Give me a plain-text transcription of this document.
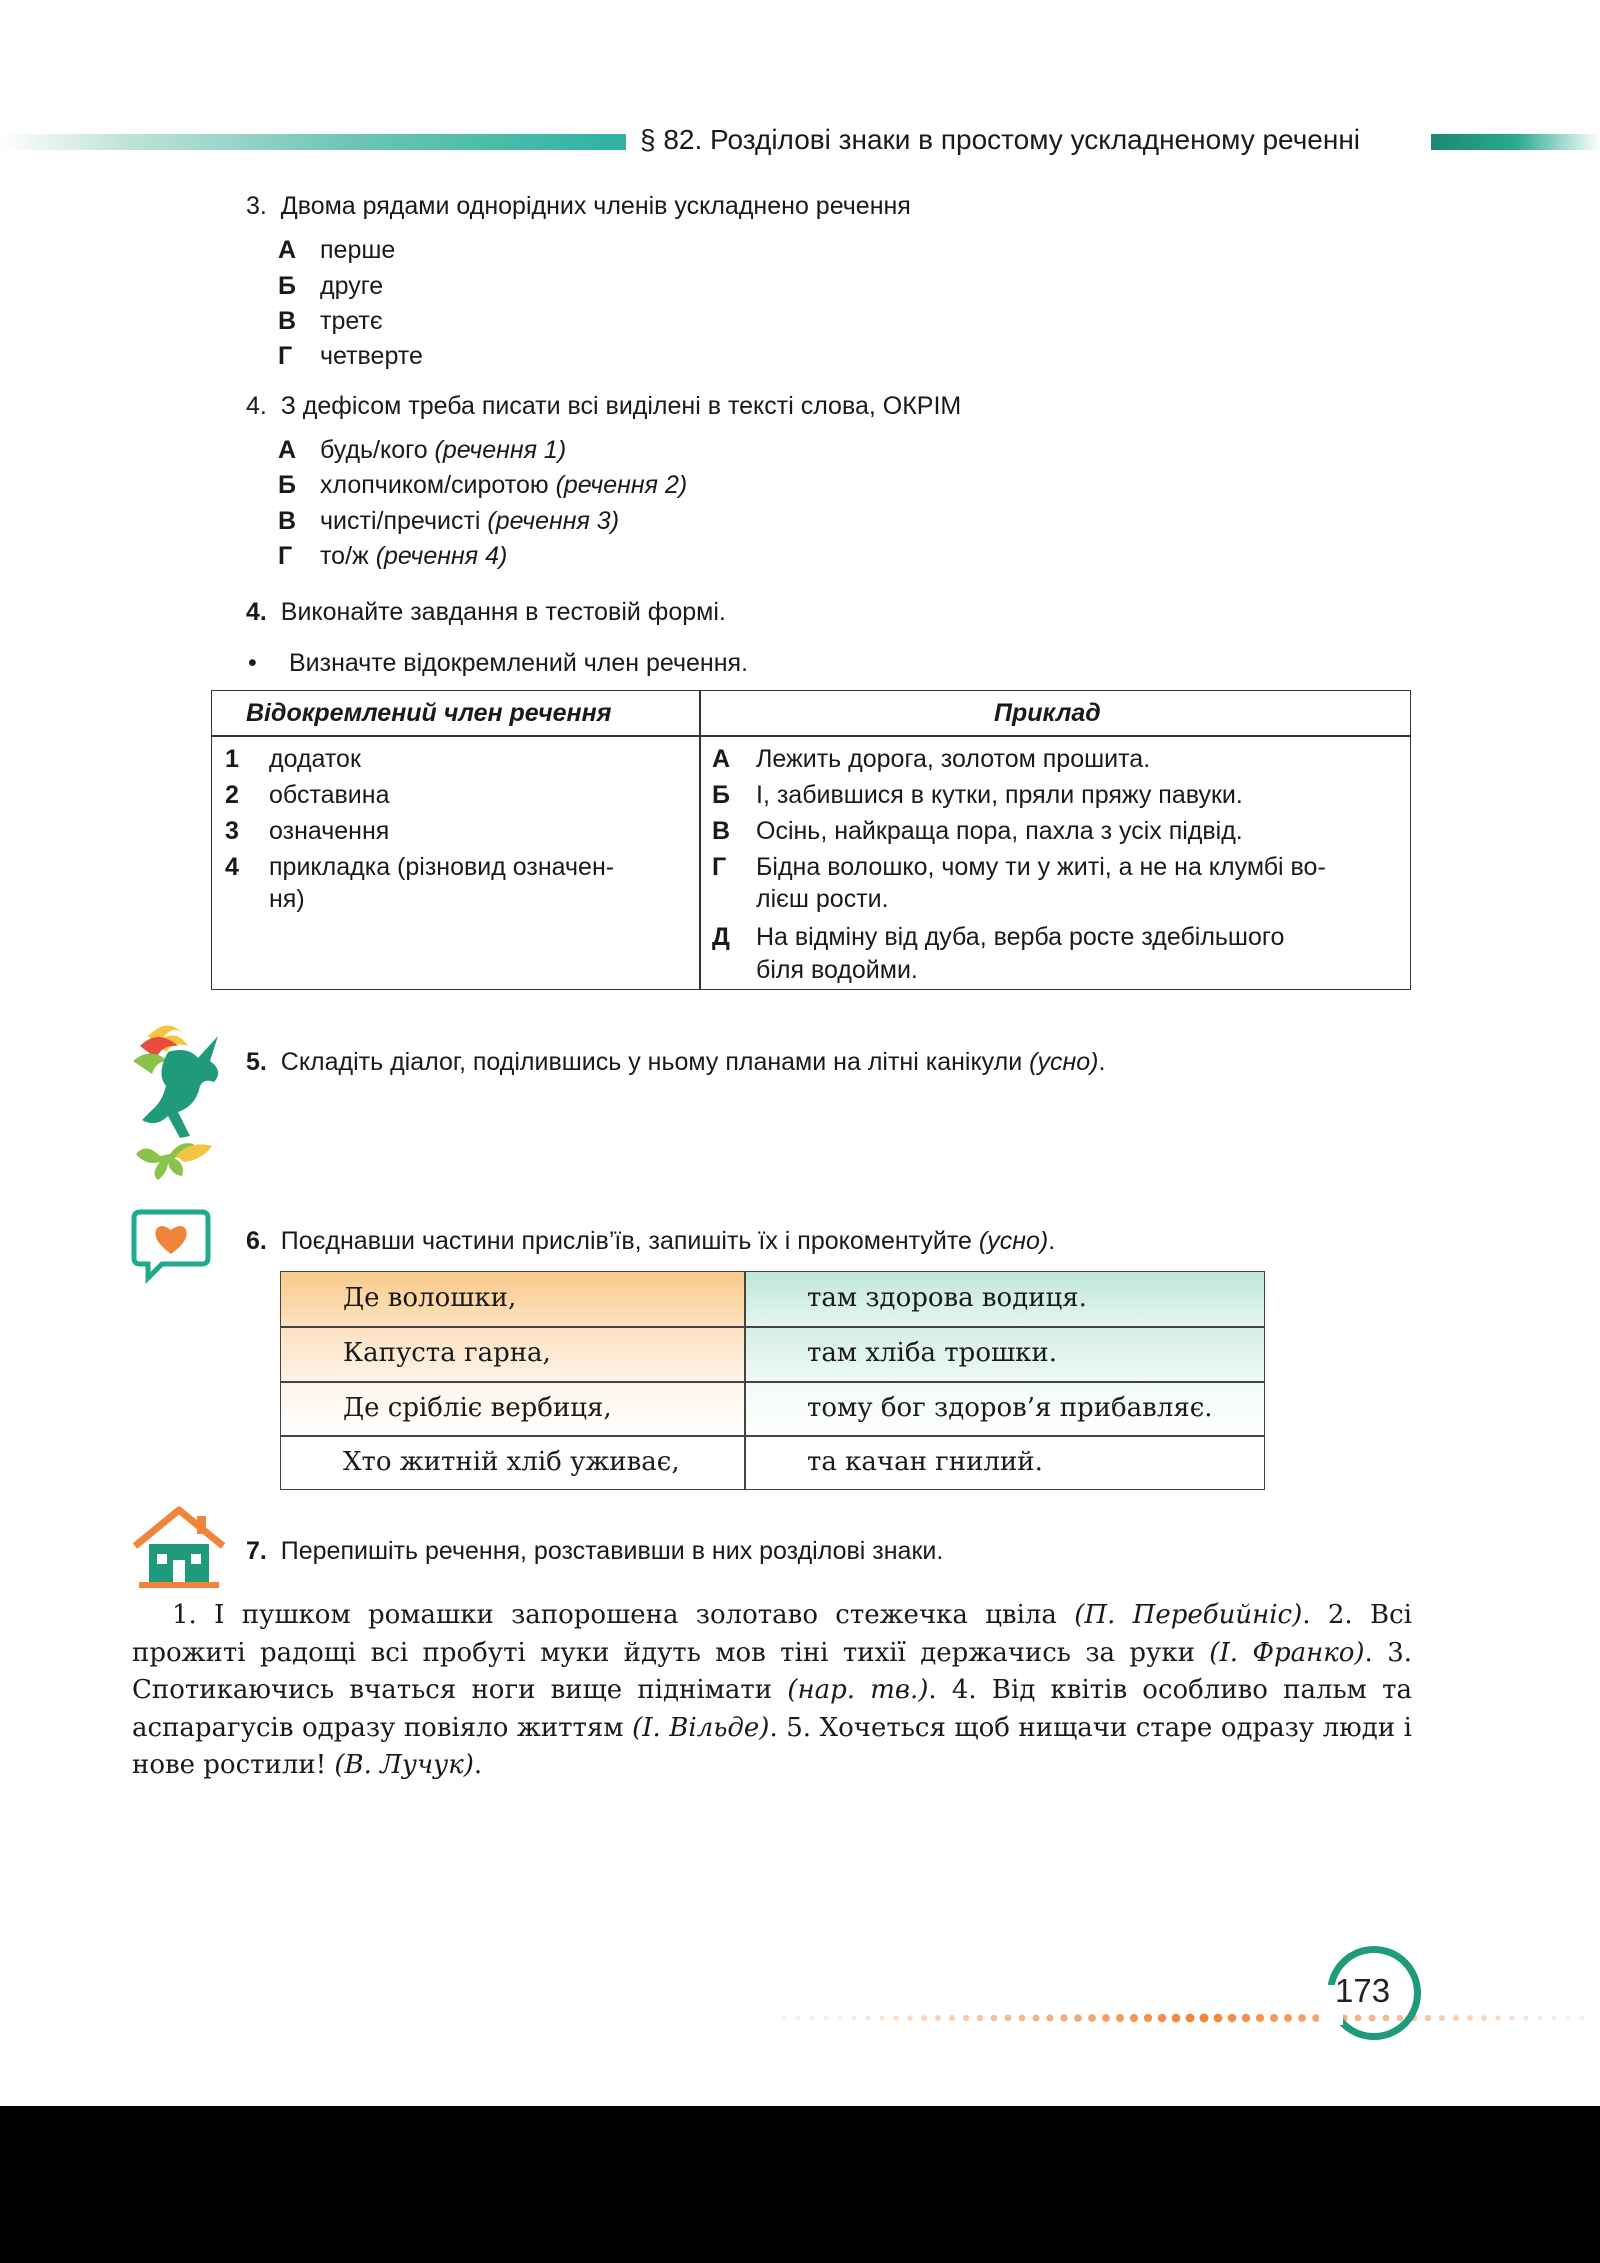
§ 82. Розділові знаки в простому ускладненому реченні
3. Двома рядами однорідних членів ускладнено речення
А перше
Б друге
В третє
Г четверте
4. З дефісом треба писати всі виділені в тексті слова, ОКРІМ
А будь/кого (речення 1)
Б хлопчиком/сиротою (речення 2)
В чисті/пречисті (речення 3)
Г то/ж (речення 4)
4. Виконайте завдання в тестовій формі.
• Визначте відокремлений член речення.
Відокремлений член речення	Приклад
1 додаток
2 обставина
3 означення
4 прикладка (різновид означен-
ня)
А Лежить дорога, золотом прошита.
Б І, забившися в кутки, пряли пряжу павуки.
В Осінь, найкраща пора, пахла з усіх підвід.
Г Бідна волошко, чому ти у житі, а не на клумбі во-
лієш рости.
Д На відміну від дуба, верба росте здебільшого
біля водойми.
5. Складіть діалог, поділившись у ньому планами на літні канікули (усно).
6. Поєднавши частини прислів’їв, запишіть їх і прокоментуйте (усно).
Де волошки,	там здорова водиця.
Капуста гарна,	там хліба трошки.
Де срібліє вербиця,	тому бог здоров’я прибавляє.
Хто житній хліб уживає,	та качан гнилий.
7. Перепишіть речення, розставивши в них розділові знаки.

1. І пушком ромашки запорошена золотаво стежечка цвіла (П. Перебийніс). 2. Всі прожиті радощі всі пробуті муки йдуть мов тіні тихії держачись за руки (І. Франко). 3. Спотикаючись вчаться ноги вище піднімати (нар. тв.). 4. Від квітів особливо пальм та аспарагусів одразу повіяло життям (І. Вільде). 5. Хочеться щоб нищачи старе одразу люди і нове ростили! (В. Лучук).

173
